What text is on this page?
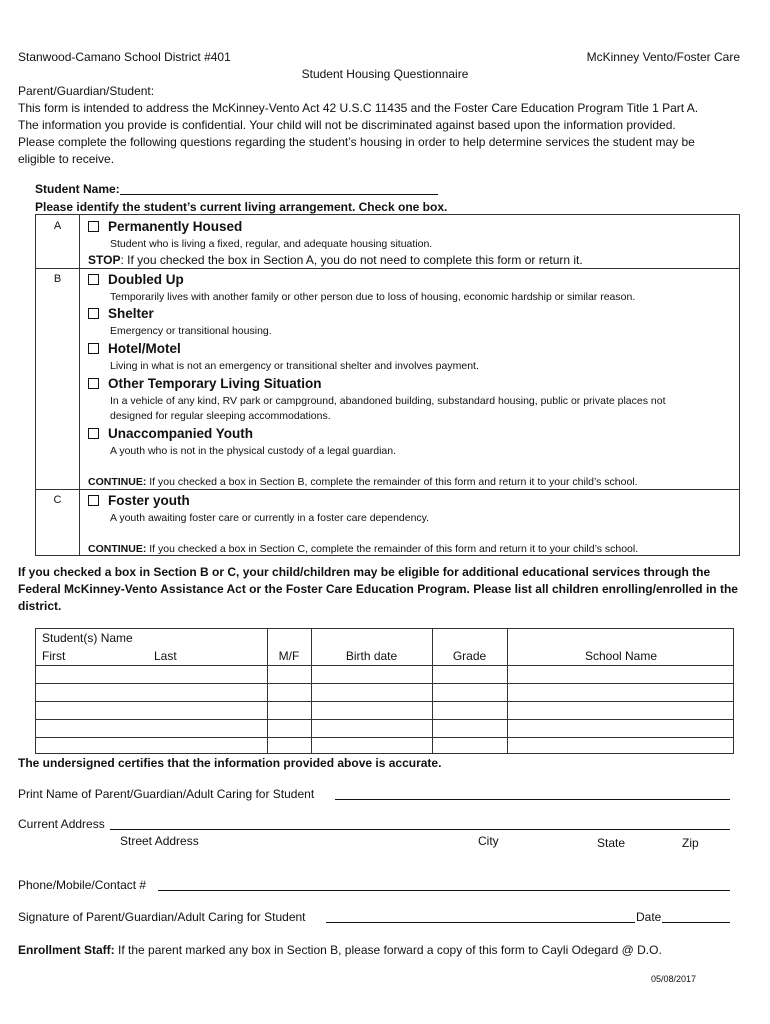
Stanwood-Camano School District #401	McKinney Vento/Foster Care
Student Housing Questionnaire
Parent/Guardian/Student:
This form is intended to address the McKinney-Vento Act 42 U.S.C 11435 and the Foster Care Education Program Title 1 Part A.
The information you provide is confidential. Your child will not be discriminated against based upon the information provided.
Please complete the following questions regarding the student’s housing in order to help determine services the student may be
eligible to receive.
Student Name:
Please identify the student’s current living arrangement. Check one box.
A	Permanently Housed
Student who is living a fixed, regular, and adequate housing situation.
STOP: If you checked the box in Section A, you do not need to complete this form or return it.
B	Doubled Up
Temporarily lives with another family or other person due to loss of housing, economic hardship or similar reason.
Shelter
Emergency or transitional housing.
Hotel/Motel
Living in what is not an emergency or transitional shelter and involves payment.
Other Temporary Living Situation
In a vehicle of any kind, RV park or campground, abandoned building, substandard housing, public or private places not
designed for regular sleeping accommodations.
Unaccompanied Youth
A youth who is not in the physical custody of a legal guardian.
CONTINUE: If you checked a box in Section B, complete the remainder of this form and return it to your child’s school.
C	Foster youth
A youth awaiting foster care or currently in a foster care dependency.
CONTINUE: If you checked a box in Section C, complete the remainder of this form and return it to your child’s school.
If you checked a box in Section B or C, your child/children may be eligible for additional educational services through the
Federal McKinney-Vento Assistance Act or the Foster Care Education Program. Please list all children enrolling/enrolled in the
district.
Student(s) Name
First	Last	M/F	Birth date	Grade	School Name
The undersigned certifies that the information provided above is accurate.
Print Name of Parent/Guardian/Adult Caring for Student
Current Address
Street Address	City	State	Zip
Phone/Mobile/Contact #
Signature of Parent/Guardian/Adult Caring for Student	Date
Enrollment Staff: If the parent marked any box in Section B, please forward a copy of this form to Cayli Odegard @ D.O.
05/08/2017
